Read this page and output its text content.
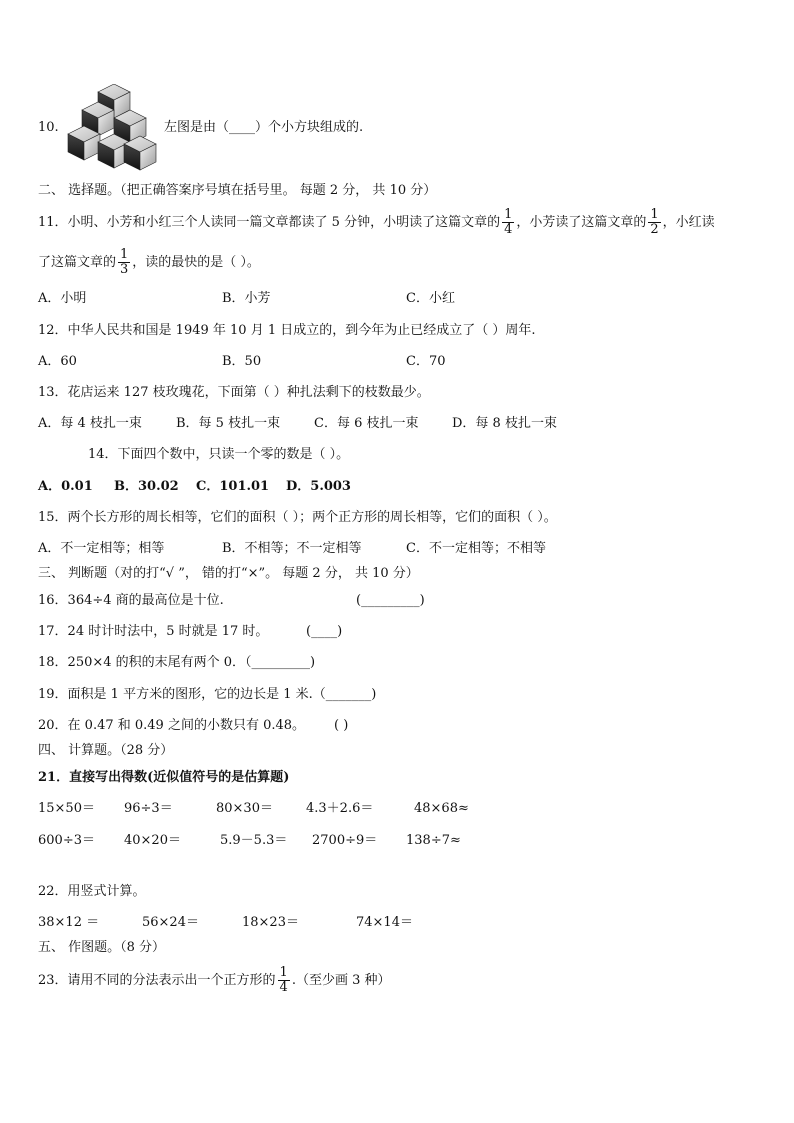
10.	左图是由（____）个小方块组成的.
二、 选择题。（把正确答案序号填在括号里。 每题 2 分， 共 10 分）
11．小明、小芳和小红三个人读同一篇文章都读了 5 分钟，小明读了这篇文章的 $\frac{1}{4}$ ，小芳读了这篇文章的 $\frac{1}{2}$ ，小红读
了这篇文章的 $\frac{1}{3}$ ，读的最快的是（ ）。
A．小明	B．小芳	C．小红
12．中华人民共和国是 1949 年 10 月 1 日成立的，到今年为止已经成立了（ ）周年.
A．60	B．50	C．70
13．花店运来 127 枝玫瑰花，下面第（ ）种扎法剩下的枝数最少。
A．每 4 枝扎一束	B．每 5 枝扎一束	C．每 6 枝扎一束	D．每 8 枝扎一束
14．下面四个数中，只读一个零的数是（ ）。
A．0.01 B．30.02 C．101.01 D．5.003
15．两个长方形的周长相等，它们的面积（ ）；两个正方形的周长相等，它们的面积（ ）。
A．不一定相等；相等	B．不相等；不一定相等	C．不一定相等；不相等
三、 判断题（对的打“√ ”， 错的打“×”。 每题 2 分， 共 10 分）
16．364÷4 商的最高位是十位.	(_________)
17．24 时计时法中，5 时就是 17 时。	(____)
18．250×4 的积的末尾有两个 0．（_________)
19．面积是 1 平方米的图形，它的边长是 1 米.（_______)
20．在 0.47 和 0.49 之间的小数只有 0.48。 ( )
四、 计算题。（28 分）
21．直接写出得数(近似值符号的是估算题)
15×50＝ 96÷3＝	80×30＝	4.3＋2.6＝	48×68≈
600÷3＝ 40×20＝	5.9－5.3＝ 2700÷9＝ 138÷7≈
22．用竖式计算。
38×12 ＝	56×24＝	18×23＝	74×14＝
五、 作图题。（8 分）
23．请用不同的分法表示出一个正方形的 $\frac{1}{4}$ .（至少画 3 种）
